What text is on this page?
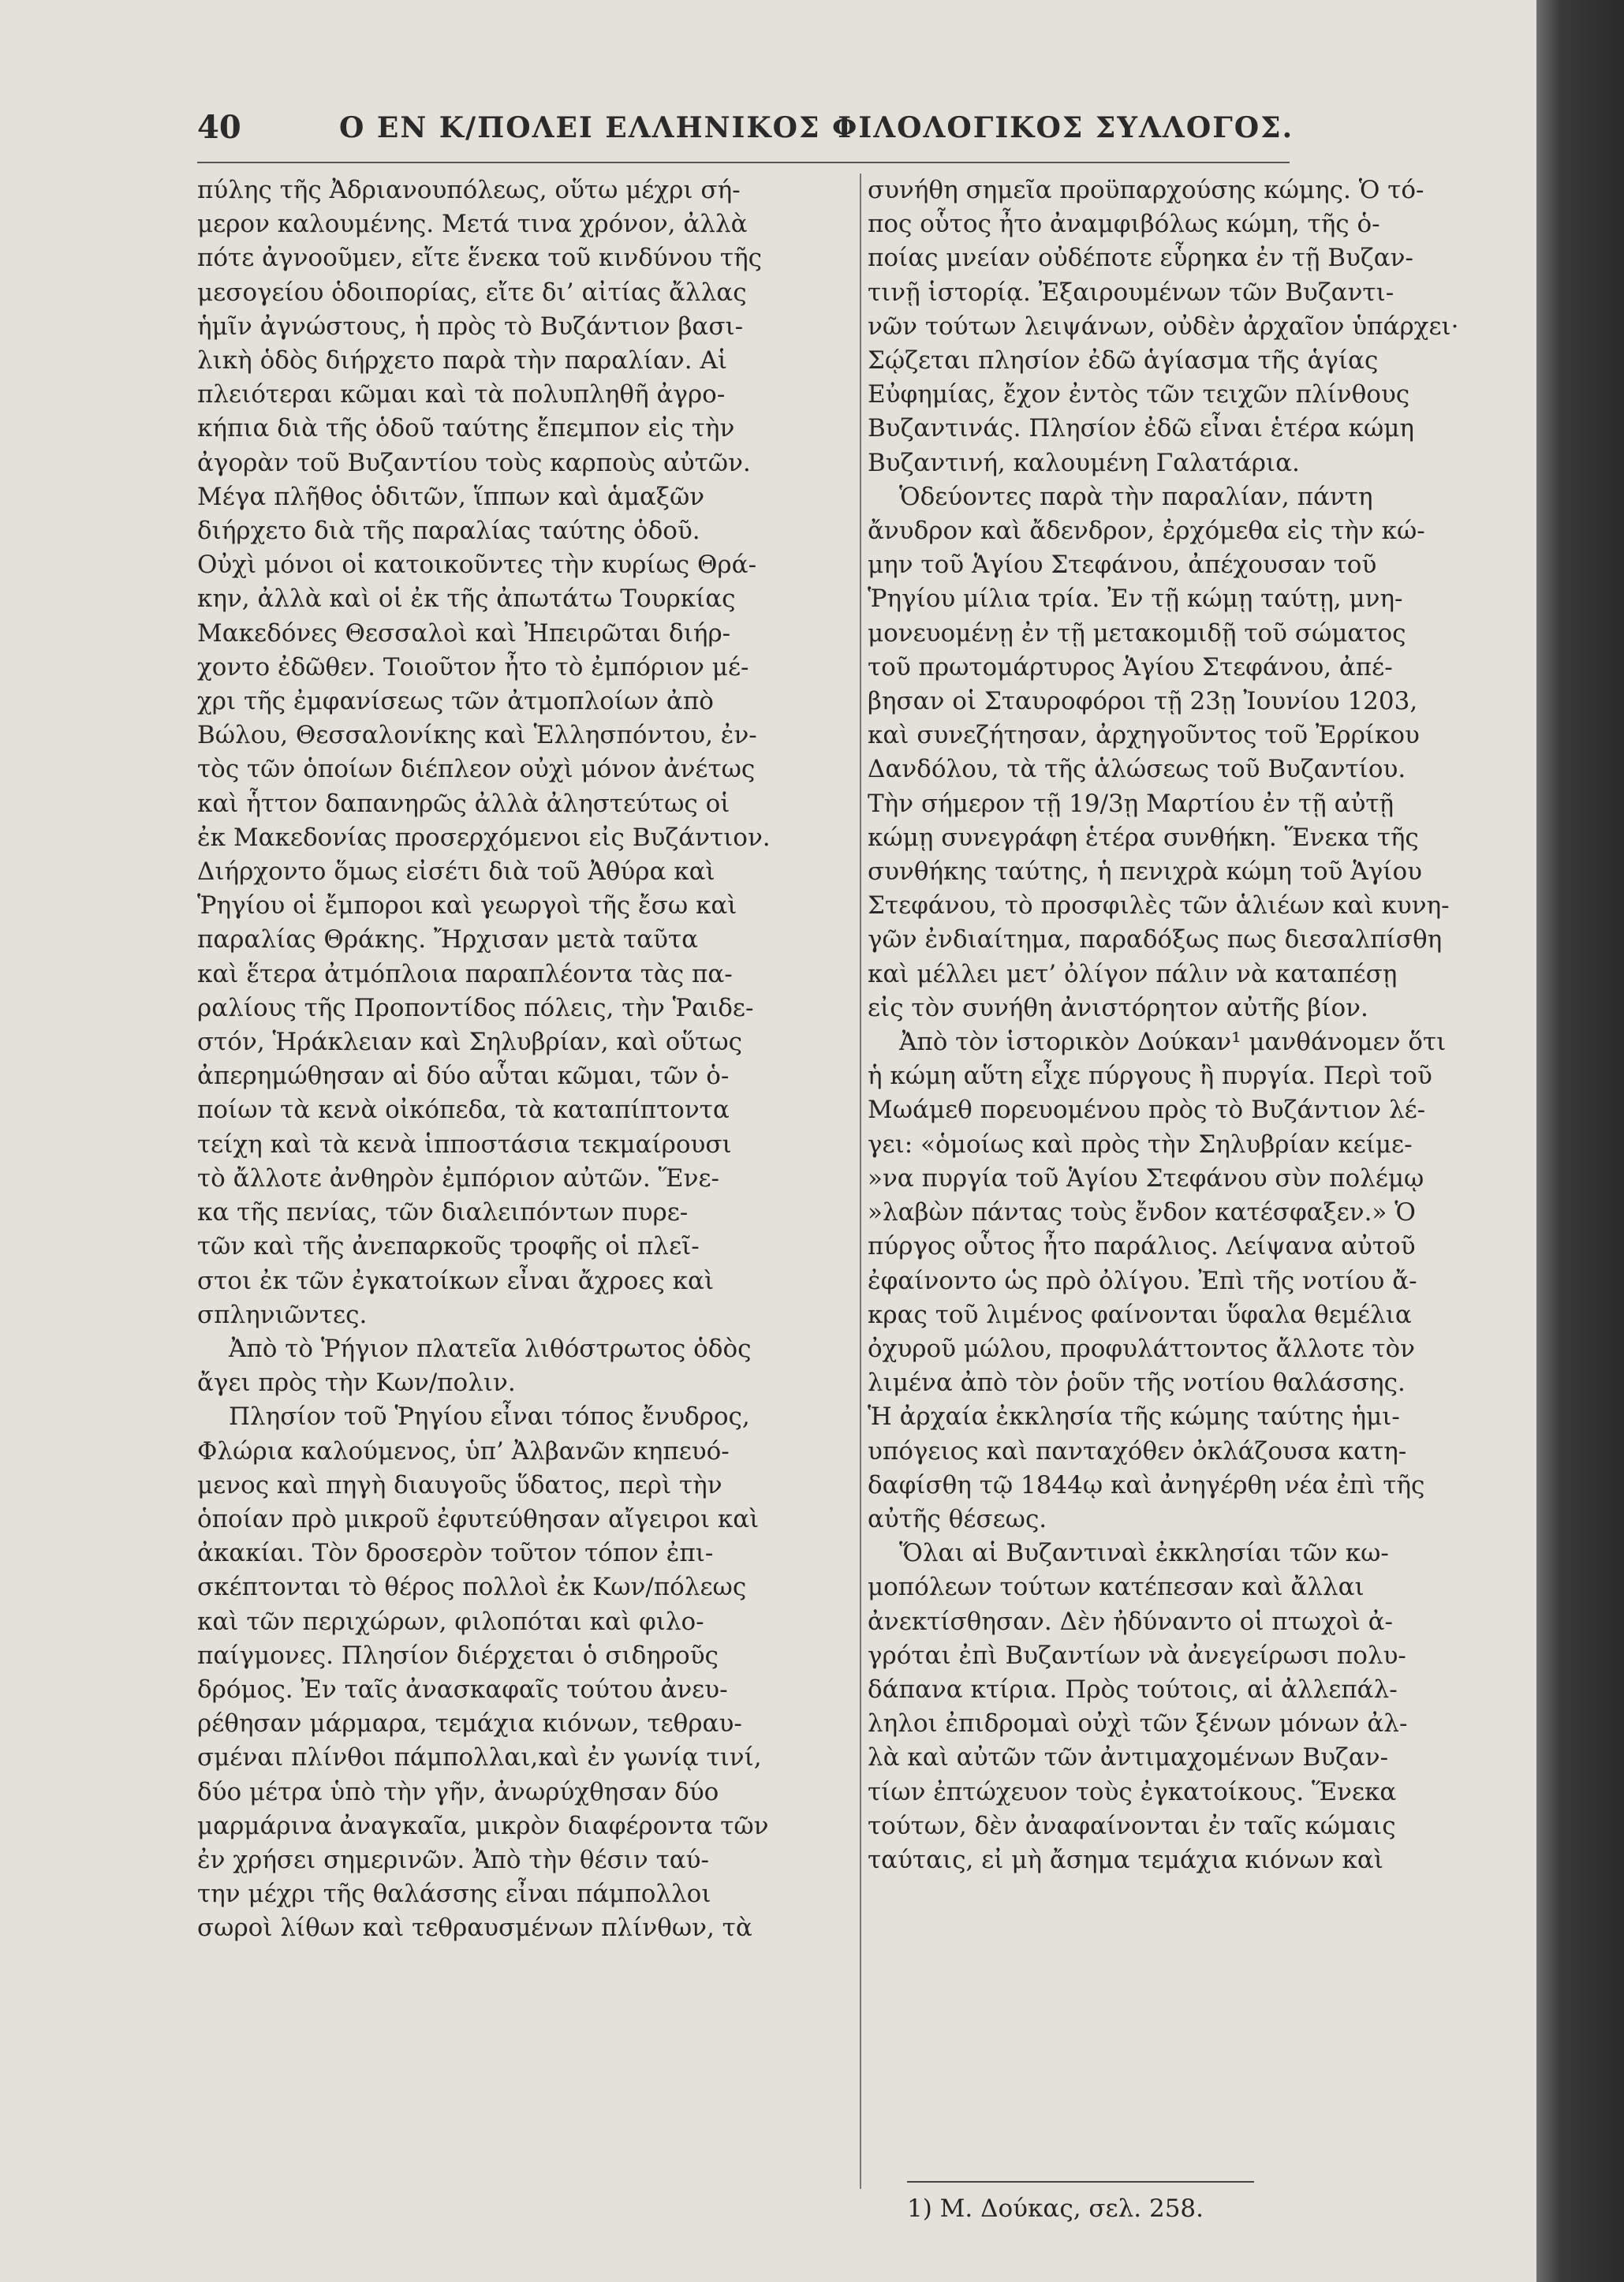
40	Ο ΕΝ Κ/ΠΟΛΕΙ ΕΛΛΗΝΙΚΟΣ ΦΙΛΟΛΟΓΙΚΟΣ ΣΥΛΛΟΓΟΣ.

πύλης τῆς Ἀδριανουπόλεως, οὕτω μέχρι σή-
μερον καλουμένης. Μετά τινα χρόνον, ἀλλὰ
πότε ἀγνοοῦμεν, εἴτε ἕνεκα τοῦ κινδύνου τῆς
μεσογείου ὁδοιπορίας, εἴτε δι’ αἰτίας ἄλλας
ἡμῖν ἀγνώστους, ἡ πρὸς τὸ Βυζάντιον βασι-
λικὴ ὁδὸς διήρχετο παρὰ τὴν παραλίαν. Αἱ
πλειότεραι κῶμαι καὶ τὰ πολυπληθῆ ἀγρο-
κήπια διὰ τῆς ὁδοῦ ταύτης ἔπεμπον εἰς τὴν
ἀγορὰν τοῦ Βυζαντίου τοὺς καρποὺς αὐτῶν.
Μέγα πλῆθος ὁδιτῶν, ἵππων καὶ ἁμαξῶν
διήρχετο διὰ τῆς παραλίας ταύτης ὁδοῦ.
Οὐχὶ μόνοι οἱ κατοικοῦντες τὴν κυρίως Θρά-
κην, ἀλλὰ καὶ οἱ ἐκ τῆς ἀπωτάτω Τουρκίας
Μακεδόνες Θεσσαλοὶ καὶ Ἠπειρῶται διήρ-
χοντο ἐδῶθεν. Τοιοῦτον ἦτο τὸ ἐμπόριον μέ-
χρι τῆς ἐμφανίσεως τῶν ἀτμοπλοίων ἀπὸ
Βώλου, Θεσσαλονίκης καὶ Ἑλλησπόντου, ἐν-
τὸς τῶν ὁποίων διέπλεον οὐχὶ μόνον ἀνέτως
καὶ ἧττον δαπανηρῶς ἀλλὰ ἀληστεύτως οἱ
ἐκ Μακεδονίας προσερχόμενοι εἰς Βυζάντιον.
Διήρχοντο ὅμως εἰσέτι διὰ τοῦ Ἀθύρα καὶ
Ῥηγίου οἱ ἔμποροι καὶ γεωργοὶ τῆς ἔσω καὶ
παραλίας Θράκης. Ἤρχισαν μετὰ ταῦτα
καὶ ἕτερα ἀτμόπλοια παραπλέοντα τὰς πα-
ραλίους τῆς Προποντίδος πόλεις, τὴν Ῥαιδε-
στόν, Ἡράκλειαν καὶ Σηλυβρίαν, καὶ οὕτως
ἀπερημώθησαν αἱ δύο αὗται κῶμαι, τῶν ὁ-
ποίων τὰ κενὰ οἰκόπεδα, τὰ καταπίπτοντα
τείχη καὶ τὰ κενὰ ἱπποστάσια τεκμαίρουσι
τὸ ἄλλοτε ἀνθηρὸν ἐμπόριον αὐτῶν. Ἕνε-
κα τῆς πενίας, τῶν διαλειπόντων πυρε-
τῶν καὶ τῆς ἀνεπαρκοῦς τροφῆς οἱ πλεῖ-
στοι ἐκ τῶν ἐγκατοίκων εἶναι ἄχροες καὶ
σπληνιῶντες.

Ἀπὸ τὸ Ῥήγιον πλατεῖα λιθόστρωτος ὁδὸς
ἄγει πρὸς τὴν Κων/πολιν.

Πλησίον τοῦ Ῥηγίου εἶναι τόπος ἔνυδρος,
Φλώρια καλούμενος, ὑπ’ Ἀλβανῶν κηπευό-
μενος καὶ πηγὴ διαυγοῦς ὕδατος, περὶ τὴν
ὁποίαν πρὸ μικροῦ ἐφυτεύθησαν αἴγειροι καὶ
ἀκακίαι. Τὸν δροσερὸν τοῦτον τόπον ἐπι-
σκέπτονται τὸ θέρος πολλοὶ ἐκ Κων/πόλεως
καὶ τῶν περιχώρων, φιλοπόται καὶ φιλο-
παίγμονες. Πλησίον διέρχεται ὁ σιδηροῦς
δρόμος. Ἐν ταῖς ἀνασκαφαῖς τούτου ἀνευ-
ρέθησαν μάρμαρα, τεμάχια κιόνων, τεθραυ-
σμέναι πλίνθοι πάμπολλαι,καὶ ἐν γωνίᾳ τινί,
δύο μέτρα ὑπὸ τὴν γῆν, ἀνωρύχθησαν δύο
μαρμάρινα ἀναγκαῖα, μικρὸν διαφέροντα τῶν
ἐν χρήσει σημερινῶν. Ἀπὸ τὴν θέσιν ταύ-
την μέχρι τῆς θαλάσσης εἶναι πάμπολλοι
σωροὶ λίθων καὶ τεθραυσμένων πλίνθων, τὰ

συνήθη σημεῖα προϋπαρχούσης κώμης. Ὁ τό-
πος οὗτος ἦτο ἀναμφιβόλως κώμη, τῆς ὁ-
ποίας μνείαν οὐδέποτε εὗρηκα ἐν τῇ Βυζαν-
τινῇ ἱστορίᾳ. Ἐξαιρουμένων τῶν Βυζαντι-
νῶν τούτων λειψάνων, οὐδὲν ἀρχαῖον ὑπάρχει·
Σῴζεται πλησίον ἐδῶ ἁγίασμα τῆς ἁγίας
Εὐφημίας, ἔχον ἐντὸς τῶν τειχῶν πλίνθους
Βυζαντινάς. Πλησίον ἐδῶ εἶναι ἑτέρα κώμη
Βυζαντινή, καλουμένη Γαλατάρια.

Ὁδεύοντες παρὰ τὴν παραλίαν, πάντη
ἄνυδρον καὶ ἄδενδρον, ἐρχόμεθα εἰς τὴν κώ-
μην τοῦ Ἁγίου Στεφάνου, ἀπέχουσαν τοῦ
Ῥηγίου μίλια τρία. Ἐν τῇ κώμῃ ταύτῃ, μνη-
μονευομένῃ ἐν τῇ μετακομιδῇ τοῦ σώματος
τοῦ πρωτομάρτυρος Ἁγίου Στεφάνου, ἀπέ-
βησαν οἱ Σταυροφόροι τῇ 23ῃ Ἰουνίου 1203,
καὶ συνεζήτησαν, ἀρχηγοῦντος τοῦ Ἐρρίκου
Δανδόλου, τὰ τῆς ἁλώσεως τοῦ Βυζαντίου.
Τὴν σήμερον τῇ 19/3ῃ Μαρτίου ἐν τῇ αὐτῇ
κώμῃ συνεγράφη ἑτέρα συνθήκη. Ἕνεκα τῆς
συνθήκης ταύτης, ἡ πενιχρὰ κώμη τοῦ Ἁγίου
Στεφάνου, τὸ προσφιλὲς τῶν ἁλιέων καὶ κυνη-
γῶν ἐνδιαίτημα, παραδόξως πως διεσαλπίσθη
καὶ μέλλει μετ’ ὀλίγον πάλιν νὰ καταπέσῃ
εἰς τὸν συνήθη ἀνιστόρητον αὐτῆς βίον.

Ἀπὸ τὸν ἱστορικὸν Δούκαν¹ μανθάνομεν ὅτι
ἡ κώμη αὕτη εἶχε πύργους ἢ πυργία. Περὶ τοῦ
Μωάμεθ πορευομένου πρὸς τὸ Βυζάντιον λέ-
γει: «ὁμοίως καὶ πρὸς τὴν Σηλυβρίαν κείμε-
»να πυργία τοῦ Ἁγίου Στεφάνου σὺν πολέμῳ
»λαβὼν πάντας τοὺς ἔνδον κατέσφαξεν.» Ὁ
πύργος οὗτος ἦτο παράλιος. Λείψανα αὐτοῦ
ἐφαίνοντο ὡς πρὸ ὀλίγου. Ἐπὶ τῆς νοτίου ἄ-
κρας τοῦ λιμένος φαίνονται ὕφαλα θεμέλια
ὀχυροῦ μώλου, προφυλάττοντος ἄλλοτε τὸν
λιμένα ἀπὸ τὸν ῥοῦν τῆς νοτίου θαλάσσης.
Ἡ ἀρχαία ἐκκλησία τῆς κώμης ταύτης ἡμι-
υπόγειος καὶ πανταχόθεν ὀκλάζουσα κατη-
δαφίσθη τῷ 1844ῳ καὶ ἀνηγέρθη νέα ἐπὶ τῆς
αὐτῆς θέσεως.

Ὅλαι αἱ Βυζαντιναὶ ἐκκλησίαι τῶν κω-
μοπόλεων τούτων κατέπεσαν καὶ ἄλλαι
ἀνεκτίσθησαν. Δὲν ἠδύναντο οἱ πτωχοὶ ἀ-
γρόται ἐπὶ Βυζαντίων νὰ ἀνεγείρωσι πολυ-
δάπανα κτίρια. Πρὸς τούτοις, αἱ ἀλλεπάλ-
ληλοι ἐπιδρομαὶ οὐχὶ τῶν ξένων μόνων ἀλ-
λὰ καὶ αὐτῶν τῶν ἀντιμαχομένων Βυζαν-
τίων ἐπτώχευον τοὺς ἐγκατοίκους. Ἕνεκα
τούτων, δὲν ἀναφαίνονται ἐν ταῖς κώμαις
ταύταις, εἰ μὴ ἄσημα τεμάχια κιόνων καὶ

1) Μ. Δούκας, σελ. 258.
